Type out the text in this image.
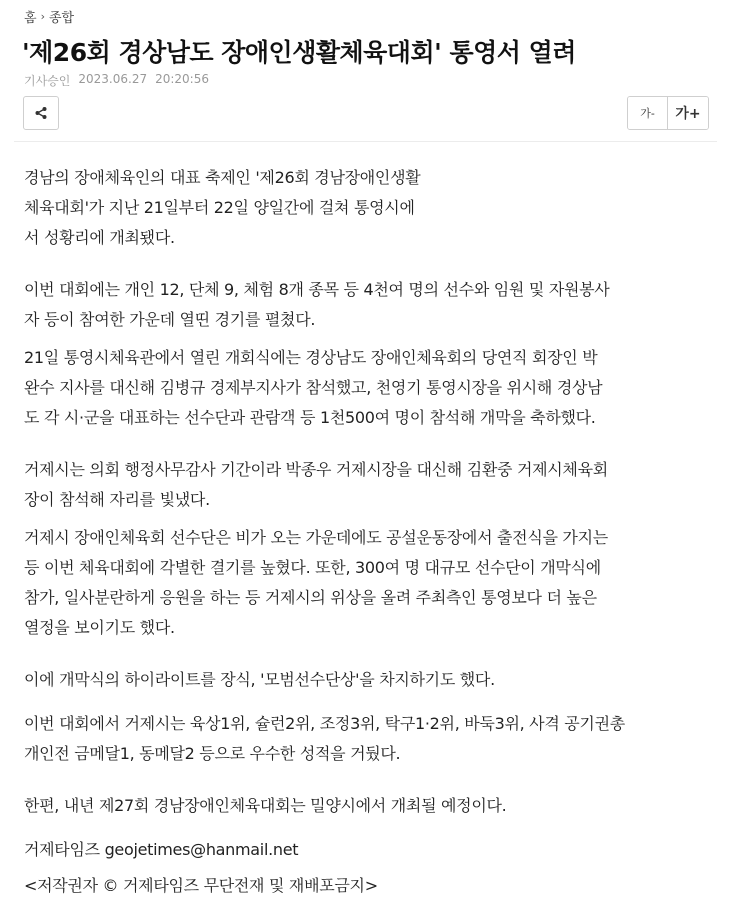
홈 › 종합
'제26회 경상남도 장애인생활체육대회' 통영서 열려
기사승인 2023.06.27 20:20:56
가-	가+
경남의 장애체육인의 대표 축제인 '제26회 경남장애인생활
체육대회'가 지난 21일부터 22일 양일간에 걸쳐 통영시에
서 성황리에 개최됐다.
이번 대회에는 개인 12, 단체 9, 체험 8개 종목 등 4천여 명의 선수와 임원 및 자원봉사
자 등이 참여한 가운데 열띤 경기를 펼쳤다.
21일 통영시체육관에서 열린 개회식에는 경상남도 장애인체육회의 당연직 회장인 박
완수 지사를 대신해 김병규 경제부지사가 참석했고, 천영기 통영시장을 위시해 경상남
도 각 시·군을 대표하는 선수단과 관람객 등 1천500여 명이 참석해 개막을 축하했다.
거제시는 의회 행정사무감사 기간이라 박종우 거제시장을 대신해 김환중 거제시체육회
장이 참석해 자리를 빛냈다.
거제시 장애인체육회 선수단은 비가 오는 가운데에도 공설운동장에서 출전식을 가지는
등 이번 체육대회에 각별한 결기를 높혔다. 또한, 300여 명 대규모 선수단이 개막식에
참가, 일사분란하게 응원을 하는 등 거제시의 위상을 올려 주최측인 통영보다 더 높은
열정을 보이기도 했다.
이에 개막식의 하이라이트를 장식, '모범선수단상'을 차지하기도 했다.
이번 대회에서 거제시는 육상1위, 슐런2위, 조정3위, 탁구1·2위, 바둑3위, 사격 공기권총
개인전 금메달1, 동메달2 등으로 우수한 성적을 거뒀다.
한편, 내년 제27회 경남장애인체육대회는 밀양시에서 개최될 예정이다.
거제타임즈 geojetimes@hanmail.net
<저작권자 © 거제타임즈 무단전재 및 재배포금지>
